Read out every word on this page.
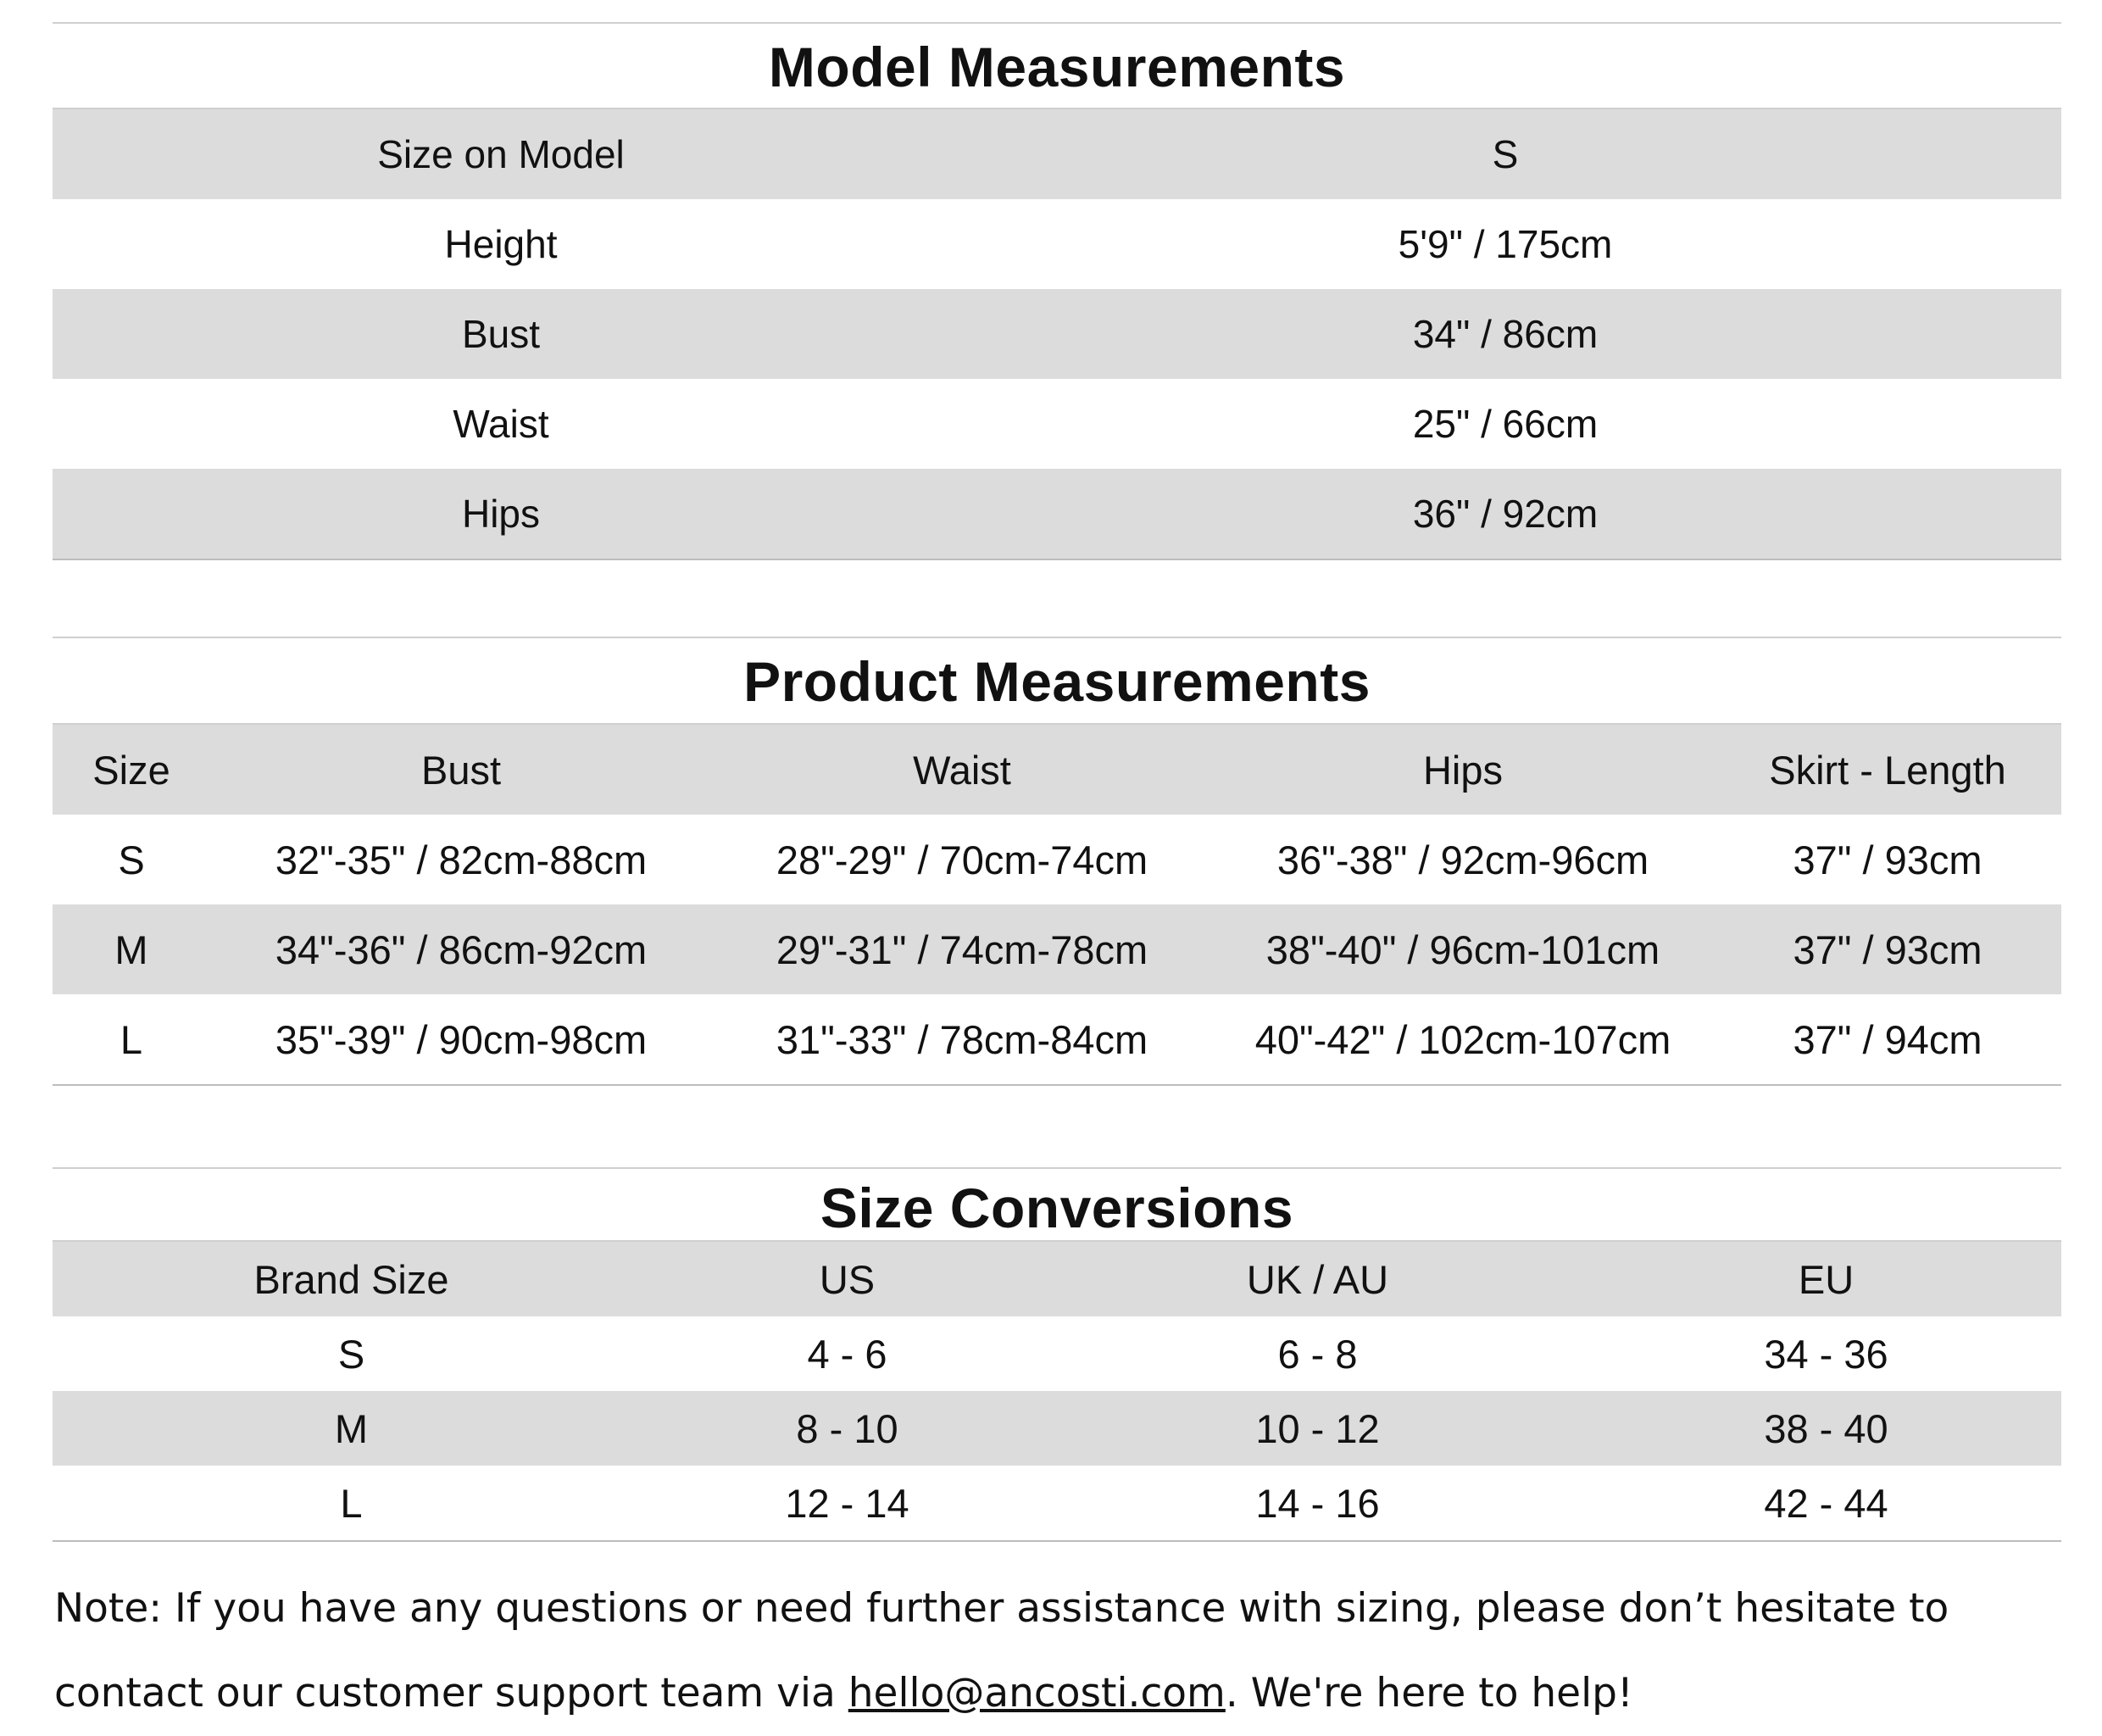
Model Measurements
Size on Model	S
Height	5'9" / 175cm
Bust	34" / 86cm
Waist	25" / 66cm
Hips	36" / 92cm
Product Measurements
Size	Bust	Waist	Hips	Skirt - Length
S	32"-35" / 82cm-88cm	28"-29" / 70cm-74cm	36"-38" / 92cm-96cm	37" / 93cm
M	34"-36" / 86cm-92cm	29"-31" / 74cm-78cm	38"-40" / 96cm-101cm	37" / 93cm
L	35"-39" / 90cm-98cm	31"-33" / 78cm-84cm	40"-42" / 102cm-107cm	37" / 94cm
Size Conversions
Brand Size	US	UK / AU	EU
S	4 - 6	6 - 8	34 - 36
M	8 - 10	10 - 12	38 - 40
L	12 - 14	14 - 16	42 - 44
Note: If you have any questions or need further assistance with sizing, please don’t hesitate to contact our customer support team via hello@ancosti.com. We're here to help!
